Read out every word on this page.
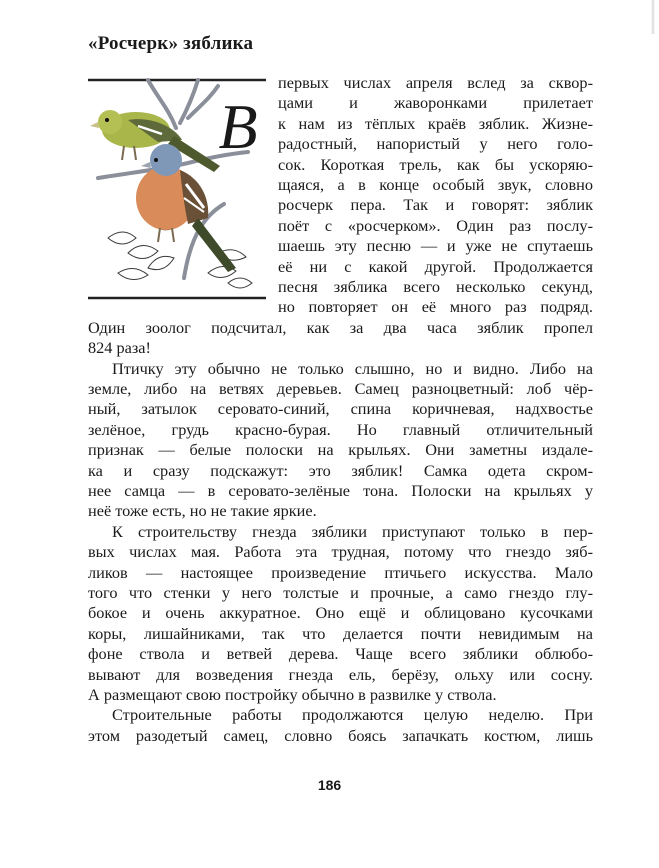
«Росчерк» зяблика
В
первых числах апреля вслед за сквор-
цами и жаворонками прилетает
к нам из тёплых краёв зяблик. Жизне-
радостный, напористый у него голо-
сок. Короткая трель, как бы ускоряю-
щаяся, а в конце особый звук, словно
росчерк пера. Так и говорят: зяблик
поёт с «росчерком». Один раз послу-
шаешь эту песню — и уже не спутаешь
её ни с какой другой. Продолжается
песня зяблика всего несколько секунд,
но повторяет он её много раз подряд.
Один зоолог подсчитал, как за два часа зяблик пропел
824 раза!
Птичку эту обычно не только слышно, но и видно. Либо на
земле, либо на ветвях деревьев. Самец разноцветный: лоб чёр-
ный, затылок серовато-синий, спина коричневая, надхвостье
зелёное, грудь красно-бурая. Но главный отличительный
признак — белые полоски на крыльях. Они заметны издале-
ка и сразу подскажут: это зяблик! Самка одета скром-
нее самца — в серовато-зелёные тона. Полоски на крыльях у
неё тоже есть, но не такие яркие.
К строительству гнезда зяблики приступают только в пер-
вых числах мая. Работа эта трудная, потому что гнездо зяб-
ликов — настоящее произведение птичьего искусства. Мало
того что стенки у него толстые и прочные, а само гнездо глу-
бокое и очень аккуратное. Оно ещё и облицовано кусочками
коры, лишайниками, так что делается почти невидимым на
фоне ствола и ветвей дерева. Чаще всего зяблики облюбо-
вывают для возведения гнезда ель, берёзу, ольху или сосну.
А размещают свою постройку обычно в развилке у ствола.
Строительные работы продолжаются целую неделю. При
этом разодетый самец, словно боясь запачкать костюм, лишь
186
